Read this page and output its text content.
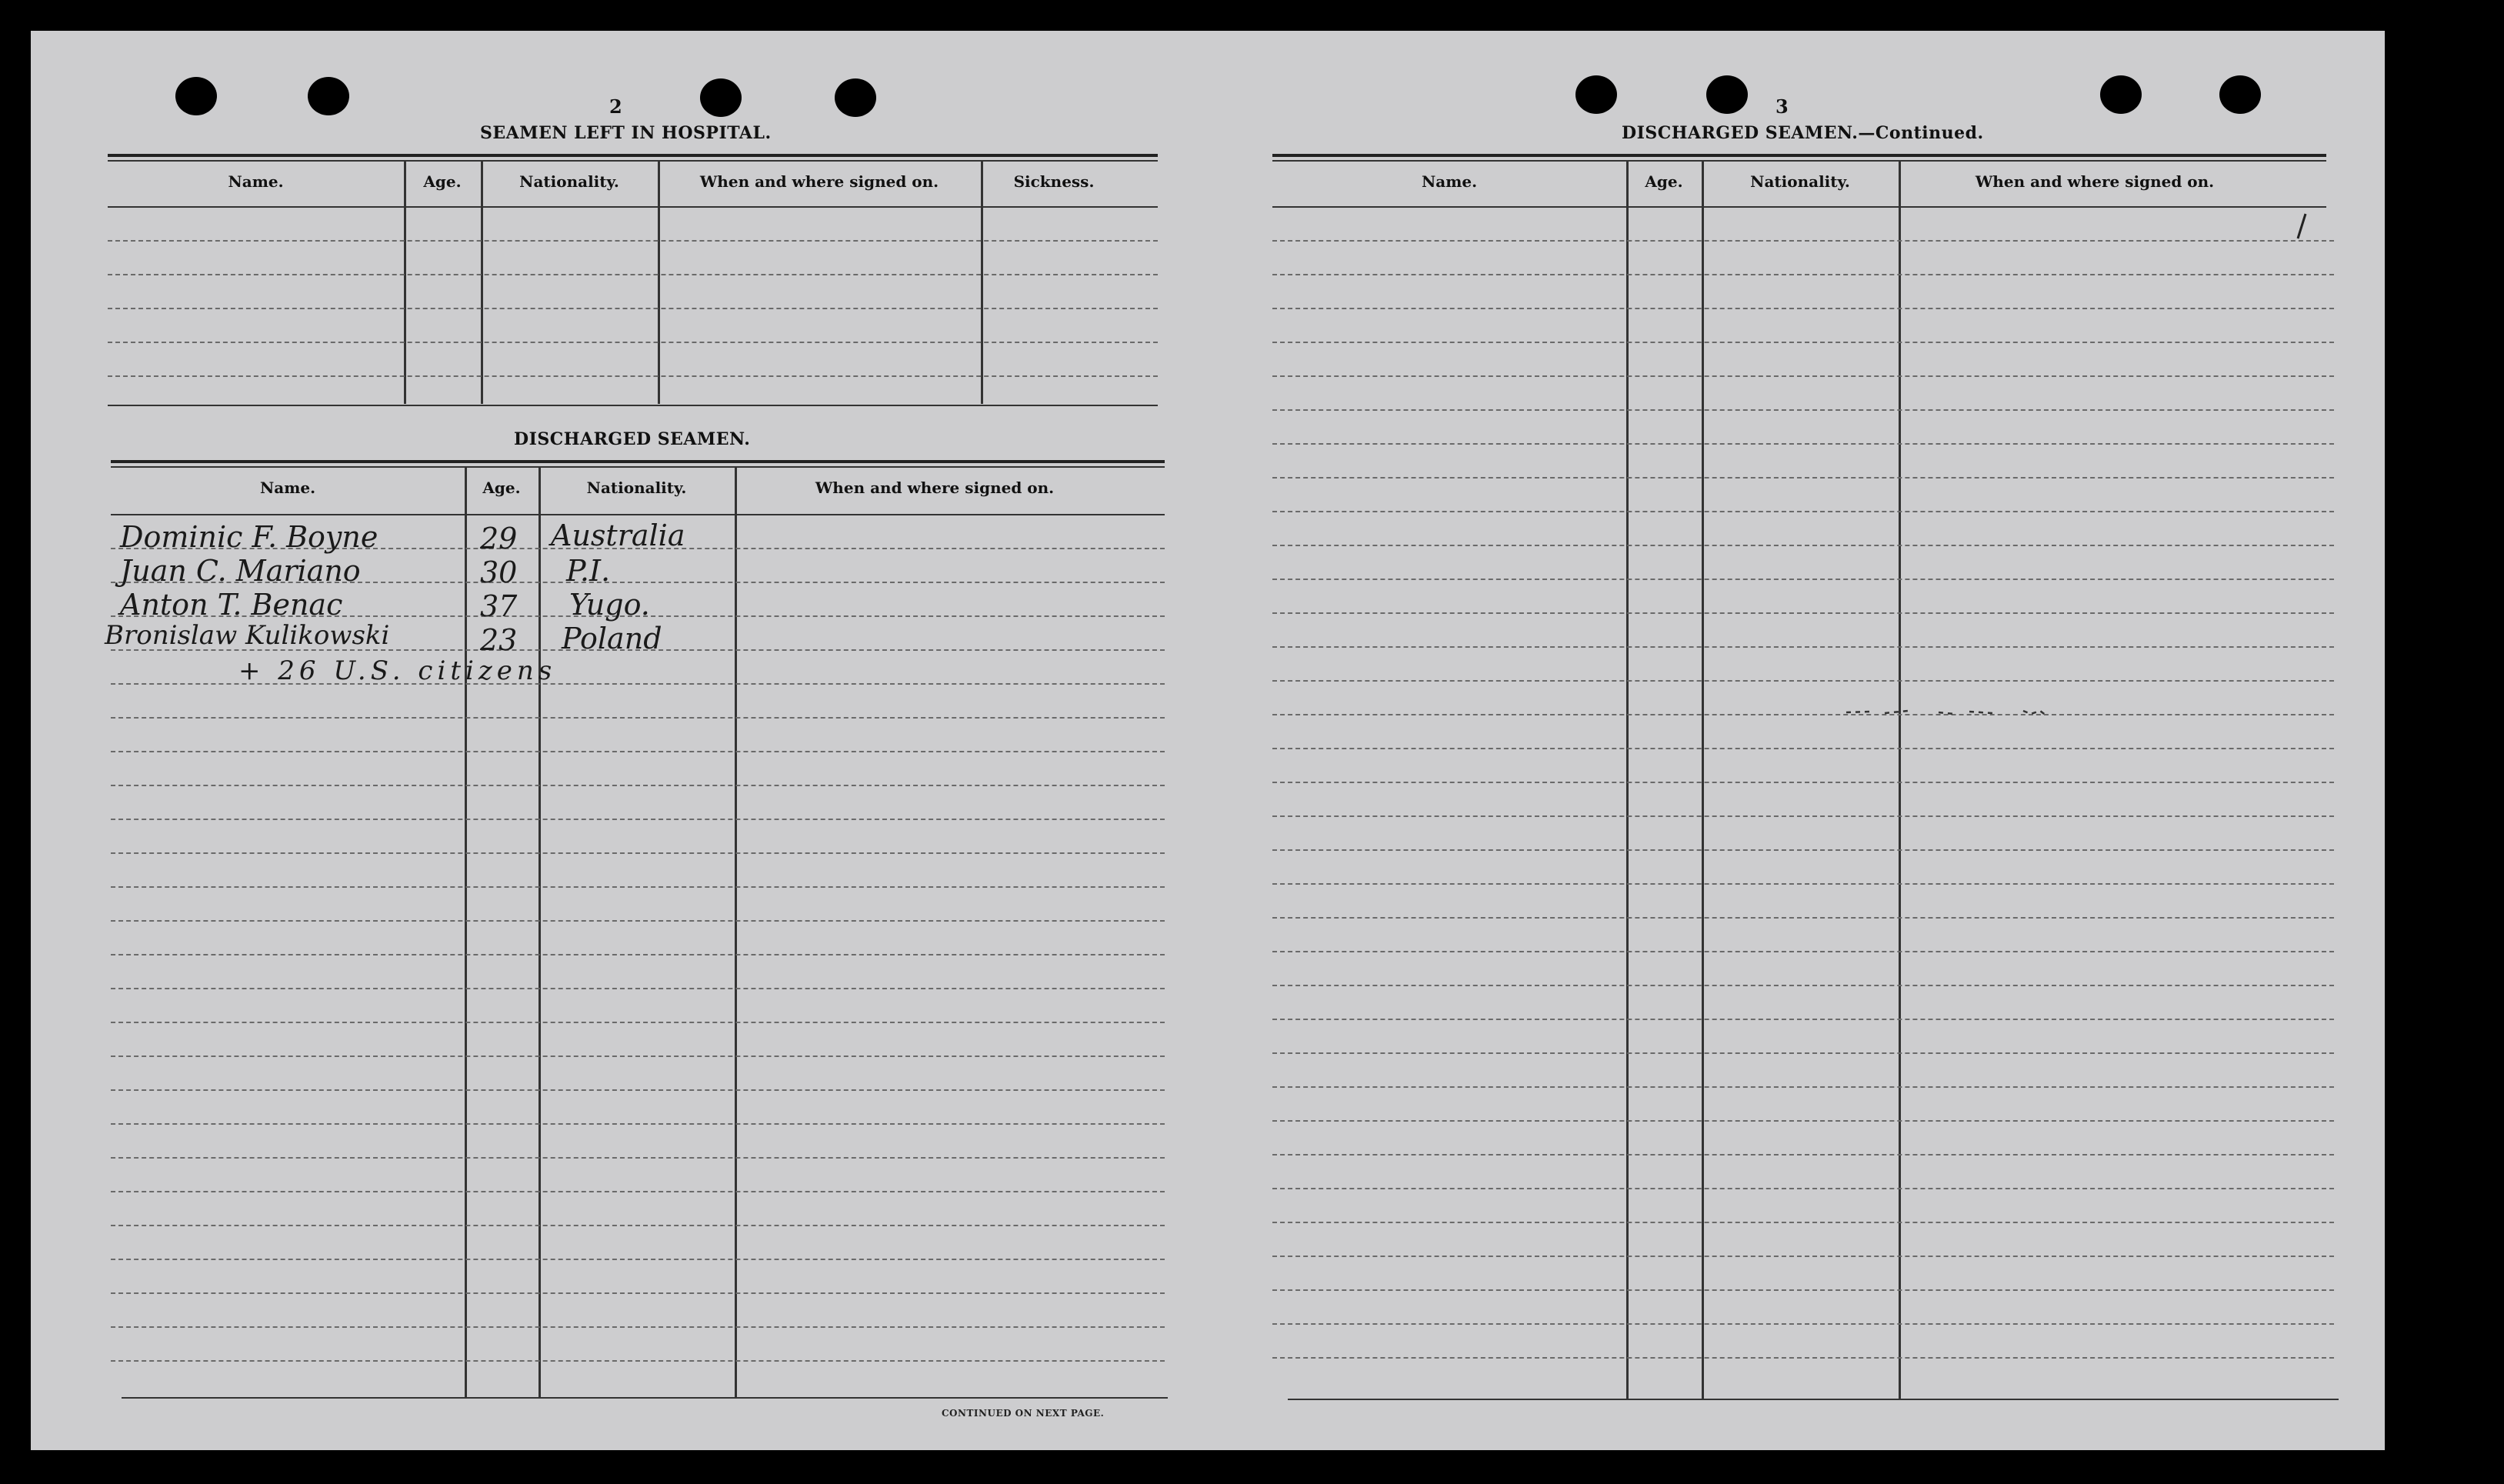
2
SEAMEN LEFT IN HOSPITAL.
Name.	Age.	Nationality.	When and where signed on.	Sickness.
DISCHARGED SEAMEN.
Name.	Age.	Nationality.	When and where signed on.
Dominic F. Boyne	29 Australia
Juan C. Mariano	30 P.I.
Anton T. Benac	37 Yugo.
Bronislaw Kulikowski	23 Poland
+ 26 U.S. citizens
CONTINUED ON NEXT PAGE.
3
DISCHARGED SEAMEN.—Continued.
Name.	Age.	Nationality.	When and where signed on.
